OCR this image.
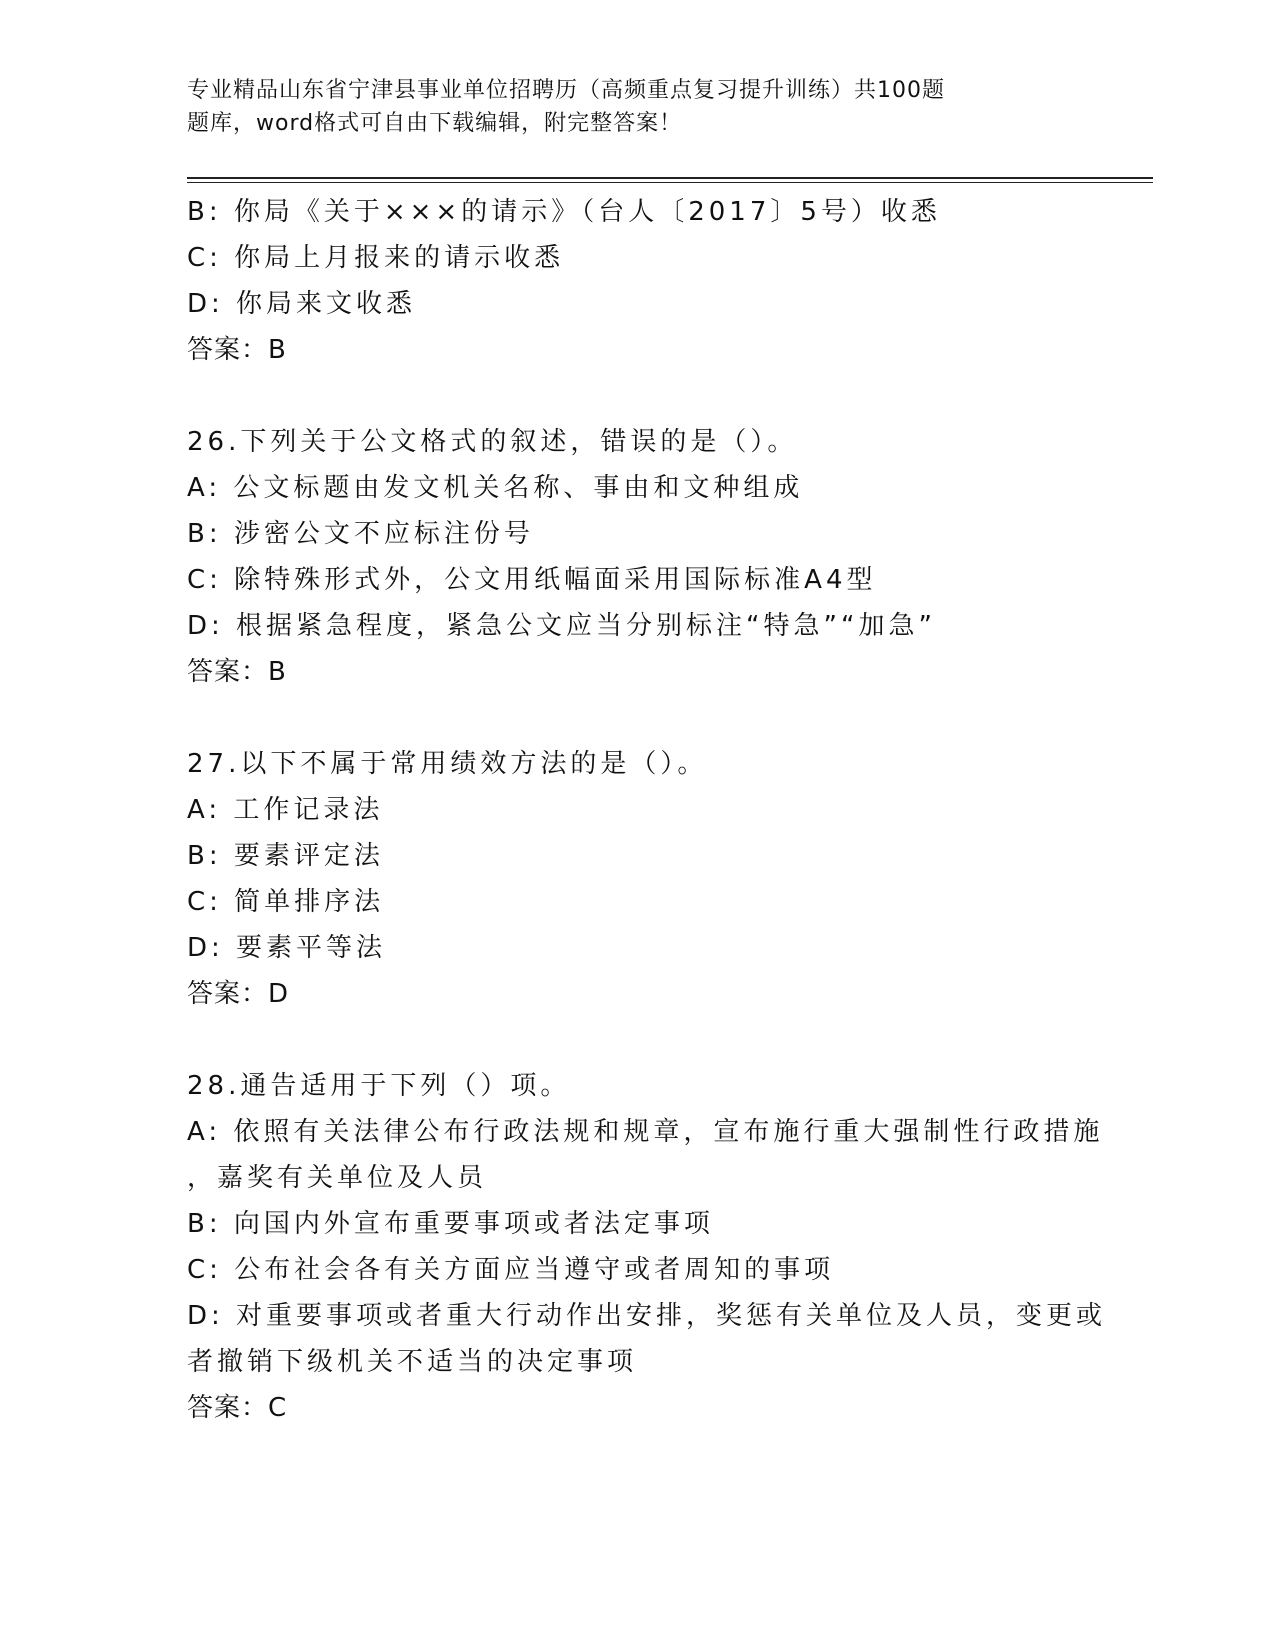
专业精品山东省宁津县事业单位招聘历（高频重点复习提升训练）共100题
题库，word格式可自由下载编辑，附完整答案！
B: 你局《关于×××的请示》（台人〔2017〕5号）收悉
C: 你局上月报来的请示收悉
D: 你局来文收悉
答案：B
26.下列关于公文格式的叙述，错误的是（）。
A: 公文标题由发文机关名称、事由和文种组成
B: 涉密公文不应标注份号
C: 除特殊形式外，公文用纸幅面采用国际标准A4型
D: 根据紧急程度，紧急公文应当分别标注“特急”“加急”
答案：B
27.以下不属于常用绩效方法的是（）。
A: 工作记录法
B: 要素评定法
C: 简单排序法
D: 要素平等法
答案：D
28.通告适用于下列（）项。
A: 依照有关法律公布行政法规和规章，宣布施行重大强制性行政措施
，嘉奖有关单位及人员
B: 向国内外宣布重要事项或者法定事项
C: 公布社会各有关方面应当遵守或者周知的事项
D: 对重要事项或者重大行动作出安排，奖惩有关单位及人员，变更或
者撤销下级机关不适当的决定事项
答案：C
